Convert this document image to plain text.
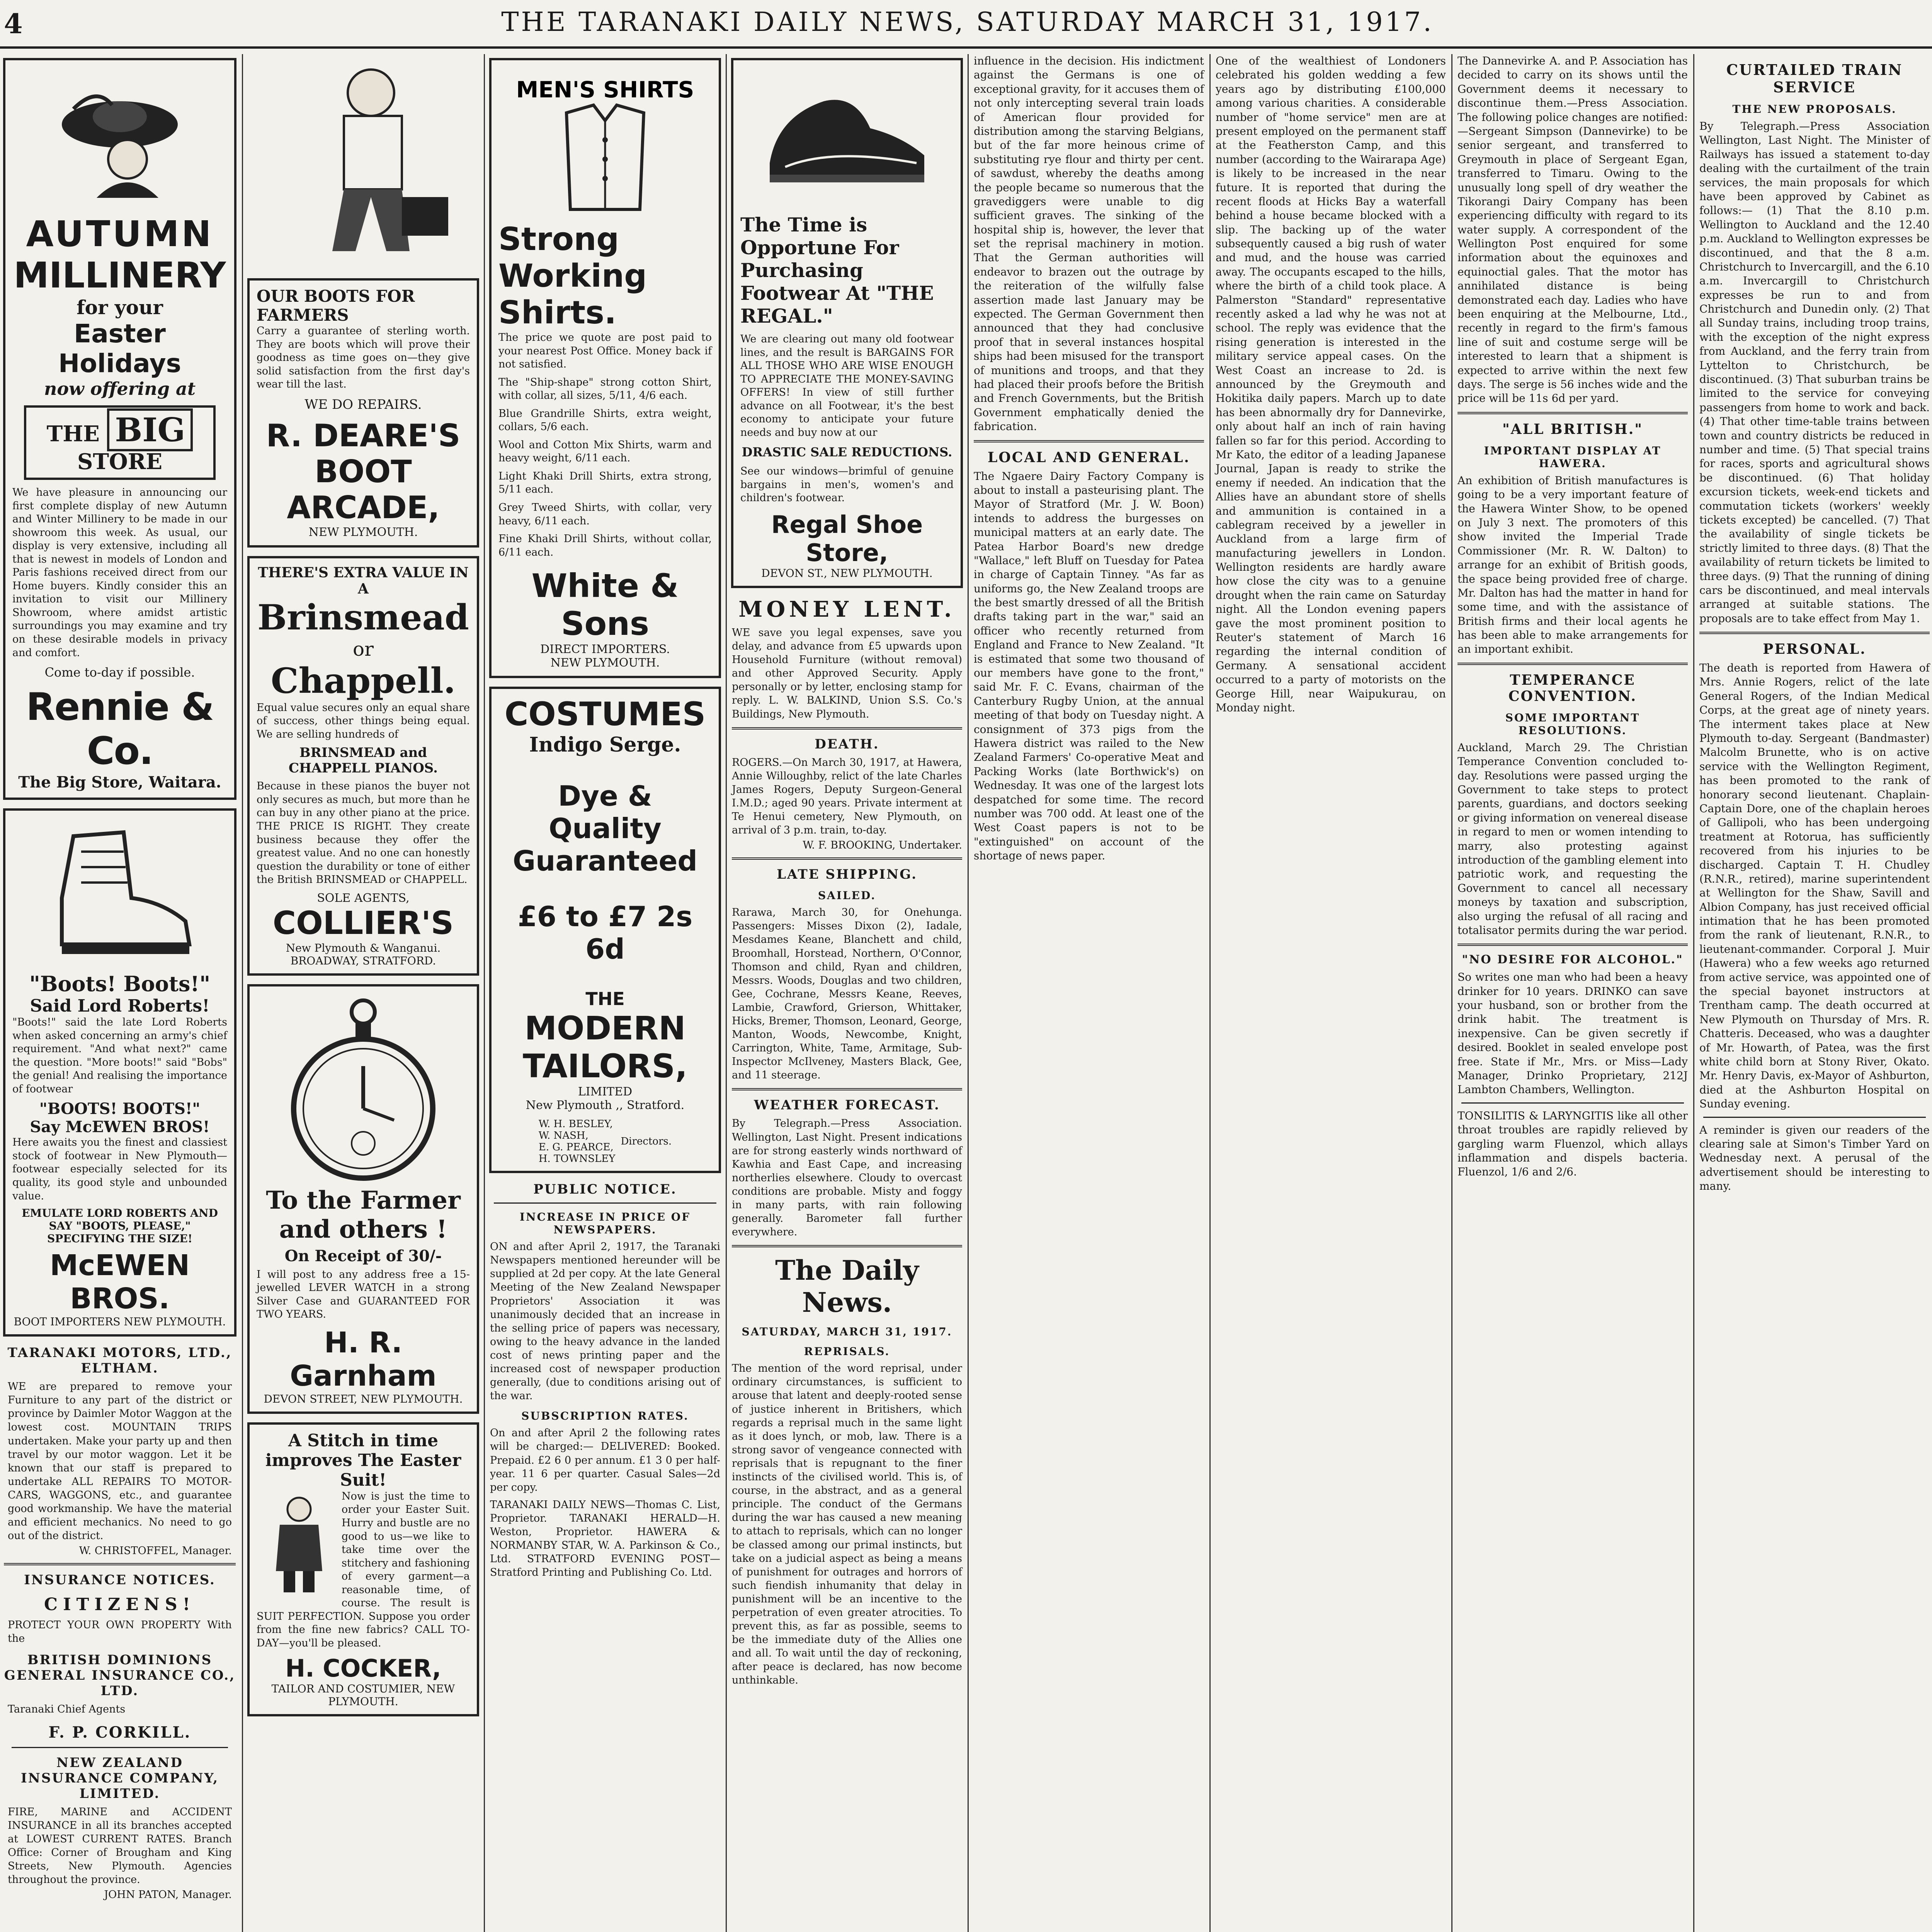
4	THE TARANAKI DAILY NEWS, SATURDAY MARCH 31, 1917.
AUTUMN
MILLINERY
for your
Easter Holidays
now offering at
THE BIG STORE
We have pleasure in announcing our first complete display of new Autumn and Winter Millinery to be made in our showroom this week. As usual, our display is very extensive, including all that is newest in models of London and Paris fashions received direct from our Home buyers. Kindly consider this an invitation to visit our Millinery Showroom, where amidst artistic surroundings you may examine and try on these desirable models in privacy and comfort.
Come to-day if possible.
Rennie & Co.
The Big Store, Waitara.
"Boots! Boots!"
Said Lord Roberts!
"Boots!" said the late Lord Roberts when asked concerning an army's chief requirement. "And what next?" came the question. "More boots!" said "Bobs" the genial! And realising the importance of footwear
"BOOTS! BOOTS!"
Say McEWEN BROS!
Here awaits you the finest and classiest stock of footwear in New Plymouth—footwear especially selected for its quality, its good style and unbounded value.
EMULATE LORD ROBERTS AND SAY "BOOTS, PLEASE," SPECIFYING THE SIZE!
McEWEN BROS.
BOOT IMPORTERS NEW PLYMOUTH.
TARANAKI MOTORS, LTD., ELTHAM.
WE are prepared to remove your Furniture to any part of the district or province by Daimler Motor Waggon at the lowest cost. MOUNTAIN TRIPS undertaken. Make your party up and then travel by our motor waggon. Let it be known that our staff is prepared to undertake ALL REPAIRS TO MOTOR-CARS, WAGGONS, etc., and guarantee good workmanship. We have the material and efficient mechanics. No need to go out of the district.
W. CHRISTOFFEL, Manager.
INSURANCE NOTICES.
CITIZENS!
PROTECT YOUR OWN PROPERTY With the
BRITISH DOMINIONS GENERAL INSURANCE CO., LTD.
Taranaki Chief Agents
F. P. CORKILL.
NEW ZEALAND INSURANCE COMPANY, LIMITED.
FIRE, MARINE and ACCIDENT INSURANCE in all its branches accepted at LOWEST CURRENT RATES. Branch Office: Corner of Brougham and King Streets, New Plymouth. Agencies throughout the province.
JOHN PATON, Manager.
OUR BOOTS FOR FARMERS
Carry a guarantee of sterling worth. They are boots which will prove their goodness as time goes on—they give solid satisfaction from the first day's wear till the last.
WE DO REPAIRS.
R. DEARE'S
BOOT
ARCADE,
NEW PLYMOUTH.
THERE'S EXTRA VALUE IN A
Brinsmead
or
Chappell.
Equal value secures only an equal share of success, other things being equal. We are selling hundreds of
BRINSMEAD and CHAPPELL PIANOS.
Because in these pianos the buyer not only secures as much, but more than he can buy in any other piano at the price. THE PRICE IS RIGHT. They create business because they offer the greatest value. And no one can honestly question the durability or tone of either the British BRINSMEAD or CHAPPELL.
SOLE AGENTS,
COLLIER'S
New Plymouth & Wanganui. BROADWAY, STRATFORD.
To the Farmer
and others !
On Receipt of 30/-
I will post to any address free a 15-jewelled LEVER WATCH in a strong Silver Case and GUARANTEED FOR TWO YEARS.
H. R. Garnham
DEVON STREET, NEW PLYMOUTH.
A Stitch in time improves The Easter Suit!
Now is just the time to order your Easter Suit. Hurry and bustle are no good to us—we like to take time over the stitchery and fashioning of every garment—a reasonable time, of course. The result is SUIT PERFECTION. Suppose you order from the fine new fabrics? CALL TO-DAY—you'll be pleased.
H. COCKER,
TAILOR AND COSTUMIER, NEW PLYMOUTH.
MEN'S SHIRTS
Strong
Working
Shirts.
The price we quote are post paid to your nearest Post Office. Money back if not satisfied.
The "Ship-shape" strong cotton Shirt, with collar, all sizes, 5/11, 4/6 each.
Blue Grandrille Shirts, extra weight, collars, 5/6 each.
Wool and Cotton Mix Shirts, warm and heavy weight, 6/11 each.
Light Khaki Drill Shirts, extra strong, 5/11 each.
Grey Tweed Shirts, with collar, very heavy, 6/11 each.
Fine Khaki Drill Shirts, without collar, 6/11 each.
White & Sons
DIRECT IMPORTERS.
NEW PLYMOUTH.
COSTUMES
Indigo Serge.
Dye & Quality
Guaranteed
£6 to £7 2s 6d
THE
MODERN
TAILORS,
LIMITED
New Plymouth ,, Stratford.
W. H. BESLEY,
W. NASH,
E. G. PEARCE,
H. TOWNSLEY
Directors.
PUBLIC NOTICE.
INCREASE IN PRICE OF NEWSPAPERS.
ON and after April 2, 1917, the Taranaki Newspapers mentioned hereunder will be supplied at 2d per copy. At the late General Meeting of the New Zealand Newspaper Proprietors' Association it was unanimously decided that an increase in the selling price of papers was necessary, owing to the heavy advance in the landed cost of news printing paper and the increased cost of newspaper production generally, (due to conditions arising out of the war.
SUBSCRIPTION RATES.
On and after April 2 the following rates will be charged:— DELIVERED: Booked. Prepaid. £2 6 0 per annum. £1 3 0 per half-year. 11 6 per quarter. Casual Sales—2d per copy.
TARANAKI DAILY NEWS—Thomas C. List, Proprietor. TARANAKI HERALD—H. Weston, Proprietor. HAWERA & NORMANBY STAR, W. A. Parkinson & Co., Ltd. STRATFORD EVENING POST—Stratford Printing and Publishing Co. Ltd.
The Time is Opportune For Purchasing Footwear At "THE REGAL."
We are clearing out many old footwear lines, and the result is BARGAINS FOR ALL THOSE WHO ARE WISE ENOUGH TO APPRECIATE THE MONEY-SAVING OFFERS! In view of still further advance on all Footwear, it's the best economy to anticipate your future needs and buy now at our
DRASTIC SALE REDUCTIONS.
See our windows—brimful of genuine bargains in men's, women's and children's footwear.
Regal Shoe Store,
DEVON ST., NEW PLYMOUTH.
MONEY LENT.
WE save you legal expenses, save you delay, and advance from £5 upwards upon Household Furniture (without removal) and other Approved Security. Apply personally or by letter, enclosing stamp for reply. L. W. BALKIND, Union S.S. Co.'s Buildings, New Plymouth.
DEATH.
ROGERS.—On March 30, 1917, at Hawera, Annie Willoughby, relict of the late Charles James Rogers, Deputy Surgeon-General I.M.D.; aged 90 years. Private interment at Te Henui cemetery, New Plymouth, on arrival of 3 p.m. train, to-day.
W. F. BROOKING, Undertaker.
LATE SHIPPING.
SAILED.
Rarawa, March 30, for Onehunga. Passengers: Misses Dixon (2), Iadale, Mesdames Keane, Blanchett and child, Broomhall, Horstead, Northern, O'Connor, Thomson and child, Ryan and children, Messrs. Woods, Douglas and two children, Gee, Cochrane, Messrs Keane, Reeves, Lambie, Crawford, Grierson, Whittaker, Hicks, Bremer, Thomson, Leonard, George, Manton, Woods, Newcombe, Knight, Carrington, White, Tame, Armitage, Sub-Inspector McIlveney, Masters Black, Gee, and 11 steerage.
WEATHER FORECAST.
By Telegraph.—Press Association. Wellington, Last Night. Present indications are for strong easterly winds northward of Kawhia and East Cape, and increasing northerlies elsewhere. Cloudy to overcast conditions are probable. Misty and foggy in many parts, with rain following generally. Barometer fall further everywhere.
The Daily News.
SATURDAY, MARCH 31, 1917.
REPRISALS.
The mention of the word reprisal, under ordinary circumstances, is sufficient to arouse that latent and deeply-rooted sense of justice inherent in Britishers, which regards a reprisal much in the same light as it does lynch, or mob, law. There is a strong savor of vengeance connected with reprisals that is repugnant to the finer instincts of the civilised world. This is, of course, in the abstract, and as a general principle. The conduct of the Germans during the war has caused a new meaning to attach to reprisals, which can no longer be classed among our primal instincts, but take on a judicial aspect as being a means of punishment for outrages and horrors of such fiendish inhumanity that delay in punishment will be an incentive to the perpetration of even greater atrocities. To prevent this, as far as possible, seems to be the immediate duty of the Allies one and all. To wait until the day of reckoning, after peace is declared, has now become unthinkable.
influence in the decision. His indictment against the Germans is one of exceptional gravity, for it accuses them of not only intercepting several train loads of American flour provided for distribution among the starving Belgians, but of the far more heinous crime of substituting rye flour and thirty per cent. of sawdust, whereby the deaths among the people became so numerous that the gravediggers were unable to dig sufficient graves. The sinking of the hospital ship is, however, the lever that set the reprisal machinery in motion. That the German authorities will endeavor to brazen out the outrage by the reiteration of the wilfully false assertion made last January may be expected. The German Government then announced that they had conclusive proof that in several instances hospital ships had been misused for the transport of munitions and troops, and that they had placed their proofs before the British and French Governments, but the British Government emphatically denied the fabrication.
LOCAL AND GENERAL.
The Ngaere Dairy Factory Company is about to install a pasteurising plant. The Mayor of Stratford (Mr. J. W. Boon) intends to address the burgesses on municipal matters at an early date. The Patea Harbor Board's new dredge "Wallace," left Bluff on Tuesday for Patea in charge of Captain Tinney. "As far as uniforms go, the New Zealand troops are the best smartly dressed of all the British drafts taking part in the war," said an officer who recently returned from England and France to New Zealand. "It is estimated that some two thousand of our members have gone to the front," said Mr. F. C. Evans, chairman of the Canterbury Rugby Union, at the annual meeting of that body on Tuesday night. A consignment of 373 pigs from the Hawera district was railed to the New Zealand Farmers' Co-operative Meat and Packing Works (late Borthwick's) on Wednesday. It was one of the largest lots despatched for some time. The record number was 700 odd. At least one of the West Coast papers is not to be "extinguished" on account of the shortage of news paper.
One of the wealthiest of Londoners celebrated his golden wedding a few years ago by distributing £100,000 among various charities. A considerable number of "home service" men are at present employed on the permanent staff at the Featherston Camp, and this number (according to the Wairarapa Age) is likely to be increased in the near future. It is reported that during the recent floods at Hicks Bay a waterfall behind a house became blocked with a slip. The backing up of the water subsequently caused a big rush of water and mud, and the house was carried away. The occupants escaped to the hills, where the birth of a child took place. A Palmerston "Standard" representative recently asked a lad why he was not at school. The reply was evidence that the rising generation is interested in the military service appeal cases. On the West Coast an increase to 2d. is announced by the Greymouth and Hokitika daily papers. March up to date has been abnormally dry for Dannevirke, only about half an inch of rain having fallen so far for this period. According to Mr Kato, the editor of a leading Japanese Journal, Japan is ready to strike the enemy if needed. An indication that the Allies have an abundant store of shells and ammunition is contained in a cablegram received by a jeweller in Auckland from a large firm of manufacturing jewellers in London. Wellington residents are hardly aware how close the city was to a genuine drought when the rain came on Saturday night. All the London evening papers gave the most prominent position to Reuter's statement of March 16 regarding the internal condition of Germany. A sensational accident occurred to a party of motorists on the George Hill, near Waipukurau, on Monday night.
The Dannevirke A. and P. Association has decided to carry on its shows until the Government deems it necessary to discontinue them.—Press Association. The following police changes are notified:—Sergeant Simpson (Dannevirke) to be senior sergeant, and transferred to Greymouth in place of Sergeant Egan, transferred to Timaru. Owing to the unusually long spell of dry weather the Tikorangi Dairy Company has been experiencing difficulty with regard to its water supply. A correspondent of the Wellington Post enquired for some information about the equinoxes and equinoctial gales. That the motor has annihilated distance is being demonstrated each day. Ladies who have been enquiring at the Melbourne, Ltd., recently in regard to the firm's famous line of suit and costume serge will be interested to learn that a shipment is expected to arrive within the next few days. The serge is 56 inches wide and the price will be 11s 6d per yard.
"ALL BRITISH."
IMPORTANT DISPLAY AT HAWERA.
An exhibition of British manufactures is going to be a very important feature of the Hawera Winter Show, to be opened on July 3 next. The promoters of this show invited the Imperial Trade Commissioner (Mr. R. W. Dalton) to arrange for an exhibit of British goods, the space being provided free of charge. Mr. Dalton has had the matter in hand for some time, and with the assistance of British firms and their local agents he has been able to make arrangements for an important exhibit.
TEMPERANCE CONVENTION.
SOME IMPORTANT RESOLUTIONS.
Auckland, March 29. The Christian Temperance Convention concluded to-day. Resolutions were passed urging the Government to take steps to protect parents, guardians, and doctors seeking or giving information on venereal disease in regard to men or women intending to marry, also protesting against introduction of the gambling element into patriotic work, and requesting the Government to cancel all necessary moneys by taxation and subscription, also urging the refusal of all racing and totalisator permits during the war period.
"NO DESIRE FOR ALCOHOL."
So writes one man who had been a heavy drinker for 10 years. DRINKO can save your husband, son or brother from the drink habit. The treatment is inexpensive. Can be given secretly if desired. Booklet in sealed envelope post free. State if Mr., Mrs. or Miss—Lady Manager, Drinko Proprietary, 212J Lambton Chambers, Wellington.
TONSILITIS & LARYNGITIS like all other throat troubles are rapidly relieved by gargling warm Fluenzol, which allays inflammation and dispels bacteria. Fluenzol, 1/6 and 2/6.
CURTAILED TRAIN SERVICE
THE NEW PROPOSALS.
By Telegraph.—Press Association Wellington, Last Night. The Minister of Railways has issued a statement to-day dealing with the curtailment of the train services, the main proposals for which have been approved by Cabinet as follows:— (1) That the 8.10 p.m. Wellington to Auckland and the 12.40 p.m. Auckland to Wellington expresses be discontinued, and that the 8 a.m. Christchurch to Invercargill, and the 6.10 a.m. Invercargill to Christchurch expresses be run to and from Christchurch and Dunedin only. (2) That all Sunday trains, including troop trains, with the exception of the night express from Auckland, and the ferry train from Lyttelton to Christchurch, be discontinued. (3) That suburban trains be limited to the service for conveying passengers from home to work and back. (4) That other time-table trains between town and country districts be reduced in number and time. (5) That special trains for races, sports and agricultural shows be discontinued. (6) That holiday excursion tickets, week-end tickets and commutation tickets (workers' weekly tickets excepted) be cancelled. (7) That the availability of single tickets be strictly limited to three days. (8) That the availability of return tickets be limited to three days. (9) That the running of dining cars be discontinued, and meal intervals arranged at suitable stations. The proposals are to take effect from May 1.
PERSONAL.
The death is reported from Hawera of Mrs. Annie Rogers, relict of the late General Rogers, of the Indian Medical Corps, at the great age of ninety years. The interment takes place at New Plymouth to-day. Sergeant (Bandmaster) Malcolm Brunette, who is on active service with the Wellington Regiment, has been promoted to the rank of honorary second lieutenant. Chaplain-Captain Dore, one of the chaplain heroes of Gallipoli, who has been undergoing treatment at Rotorua, has sufficiently recovered from his injuries to be discharged. Captain T. H. Chudley (R.N.R., retired), marine superintendent at Wellington for the Shaw, Savill and Albion Company, has just received official intimation that he has been promoted from the rank of lieutenant, R.N.R., to lieutenant-commander. Corporal J. Muir (Hawera) who a few weeks ago returned from active service, was appointed one of the special bayonet instructors at Trentham camp. The death occurred at New Plymouth on Thursday of Mrs. R. Chatteris. Deceased, who was a daughter of Mr. Howarth, of Patea, was the first white child born at Stony River, Okato. Mr. Henry Davis, ex-Mayor of Ashburton, died at the Ashburton Hospital on Sunday evening.
A reminder is given our readers of the clearing sale at Simon's Timber Yard on Wednesday next. A perusal of the advertisement should be interesting to many.
